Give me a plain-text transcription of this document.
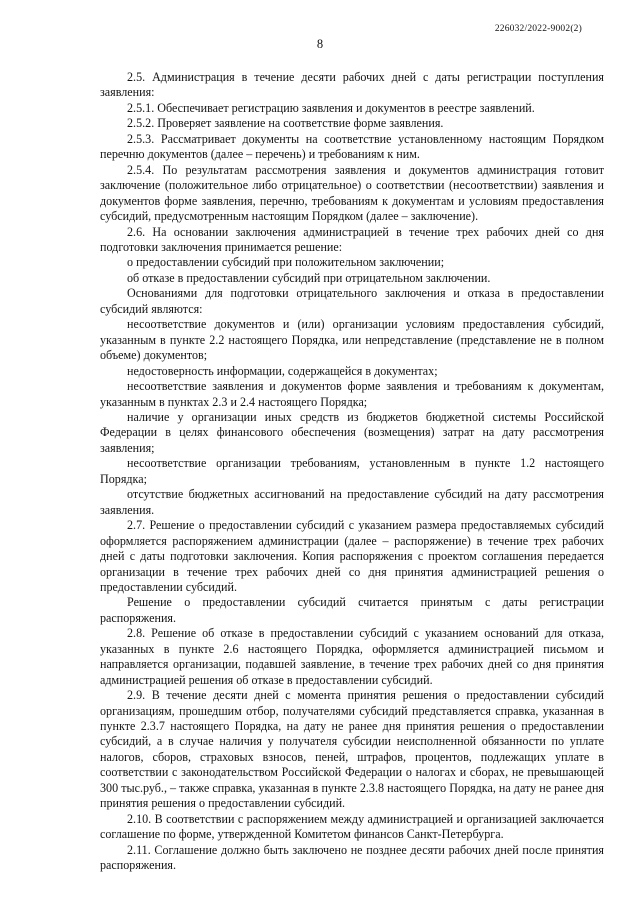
226032/2022-9002(2)
8

2.5. Администрация в течение десяти рабочих дней с даты регистрации поступления заявления:

2.5.1. Обеспечивает регистрацию заявления и документов в реестре заявлений.

2.5.2. Проверяет заявление на соответствие форме заявления.

2.5.3. Рассматривает документы на соответствие установленному настоящим Порядком перечню документов (далее – перечень) и требованиям к ним.

2.5.4. По результатам рассмотрения заявления и документов администрация готовит заключение (положительное либо отрицательное) о соответствии (несоответствии) заявления и документов форме заявления, перечню, требованиям к документам и условиям предоставления субсидий, предусмотренным настоящим Порядком (далее – заключение).

2.6. На основании заключения администрацией в течение трех рабочих дней со дня подготовки заключения принимается решение:

о предоставлении субсидий при положительном заключении;

об отказе в предоставлении субсидий при отрицательном заключении.

Основаниями для подготовки отрицательного заключения и отказа в предоставлении субсидий являются:

несоответствие документов и (или) организации условиям предоставления субсидий, указанным в пункте 2.2 настоящего Порядка, или непредставление (представление не в полном объеме) документов;

недостоверность информации, содержащейся в документах;

несоответствие заявления и документов форме заявления и требованиям к документам, указанным в пунктах 2.3 и 2.4 настоящего Порядка;

наличие у организации иных средств из бюджетов бюджетной системы Российской Федерации в целях финансового обеспечения (возмещения) затрат на дату рассмотрения заявления;

несоответствие организации требованиям, установленным в пункте 1.2 настоящего Порядка;

отсутствие бюджетных ассигнований на предоставление субсидий на дату рассмотрения заявления.

2.7. Решение о предоставлении субсидий с указанием размера предоставляемых субсидий оформляется распоряжением администрации (далее – распоряжение) в течение трех рабочих дней с даты подготовки заключения. Копия распоряжения с проектом соглашения передается организации в течение трех рабочих дней со дня принятия администрацией решения о предоставлении субсидий.

Решение о предоставлении субсидий считается принятым с даты регистрации распоряжения.

2.8. Решение об отказе в предоставлении субсидий с указанием оснований для отказа, указанных в пункте 2.6 настоящего Порядка, оформляется администрацией письмом и направляется организации, подавшей заявление, в течение трех рабочих дней со дня принятия администрацией решения об отказе в предоставлении субсидий.

2.9. В течение десяти дней с момента принятия решения о предоставлении субсидий организациям, прошедшим отбор, получателями субсидий представляется справка, указанная в пункте 2.3.7 настоящего Порядка, на дату не ранее дня принятия решения о предоставлении субсидий, а в случае наличия у получателя субсидии неисполненной обязанности по уплате налогов, сборов, страховых взносов, пеней, штрафов, процентов, подлежащих уплате в соответствии с законодательством Российской Федерации о налогах и сборах, не превышающей 300 тыс.руб., – также справка, указанная в пункте 2.3.8 настоящего Порядка, на дату не ранее дня принятия решения о предоставлении субсидий.

2.10. В соответствии с распоряжением между администрацией и организацией заключается соглашение по форме, утвержденной Комитетом финансов Санкт-Петербурга.

2.11. Соглашение должно быть заключено не позднее десяти рабочих дней после принятия распоряжения.
